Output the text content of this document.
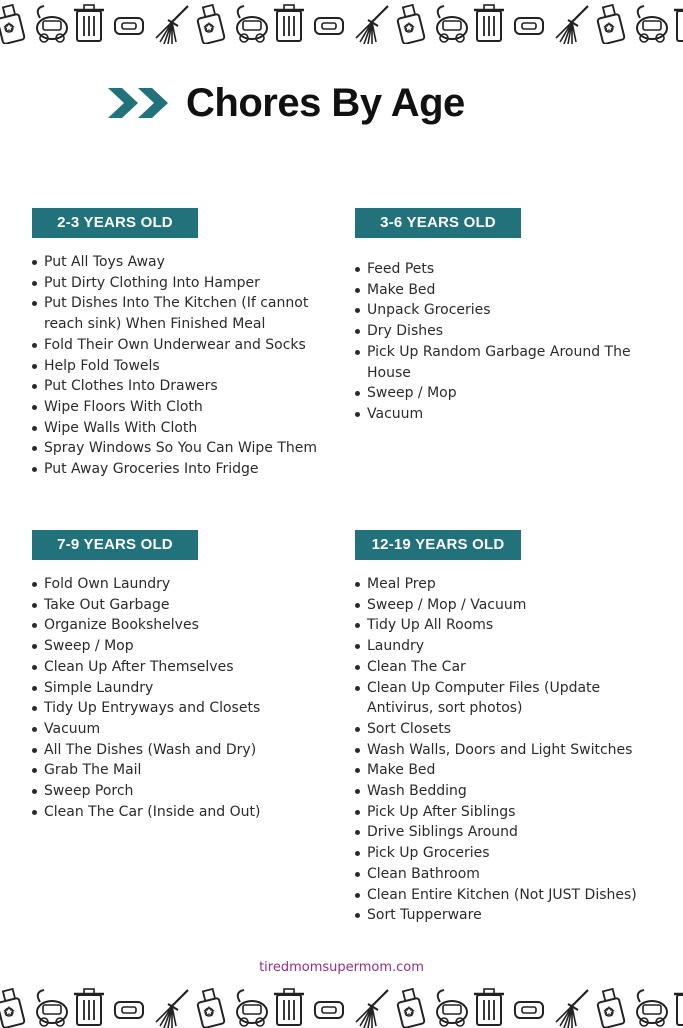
Chores By Age
2-3 YEARS OLD
Put All Toys Away
Put Dirty Clothing Into Hamper
Put Dishes Into The Kitchen (If cannot reach sink) When Finished Meal
Fold Their Own Underwear and Socks
Help Fold Towels
Put Clothes Into Drawers
Wipe Floors With Cloth
Wipe Walls With Cloth
Spray Windows So You Can Wipe Them
Put Away Groceries Into Fridge
3-6 YEARS OLD
Feed Pets
Make Bed
Unpack Groceries
Dry Dishes
Pick Up Random Garbage Around The House
Sweep / Mop
Vacuum
7-9 YEARS OLD
Fold Own Laundry
Take Out Garbage
Organize Bookshelves
Sweep / Mop
Clean Up After Themselves
Simple Laundry
Tidy Up Entryways and Closets
Vacuum
All The Dishes (Wash and Dry)
Grab The Mail
Sweep Porch
Clean The Car (Inside and Out)
12-19 YEARS OLD
Meal Prep
Sweep / Mop / Vacuum
Tidy Up All Rooms
Laundry
Clean The Car
Clean Up Computer Files (Update Antivirus, sort photos)
Sort Closets
Wash Walls, Doors and Light Switches
Make Bed
Wash Bedding
Pick Up After Siblings
Drive Siblings Around
Pick Up Groceries
Clean Bathroom
Clean Entire Kitchen (Not JUST Dishes)
Sort Tupperware
tiredmomsupermom.com
